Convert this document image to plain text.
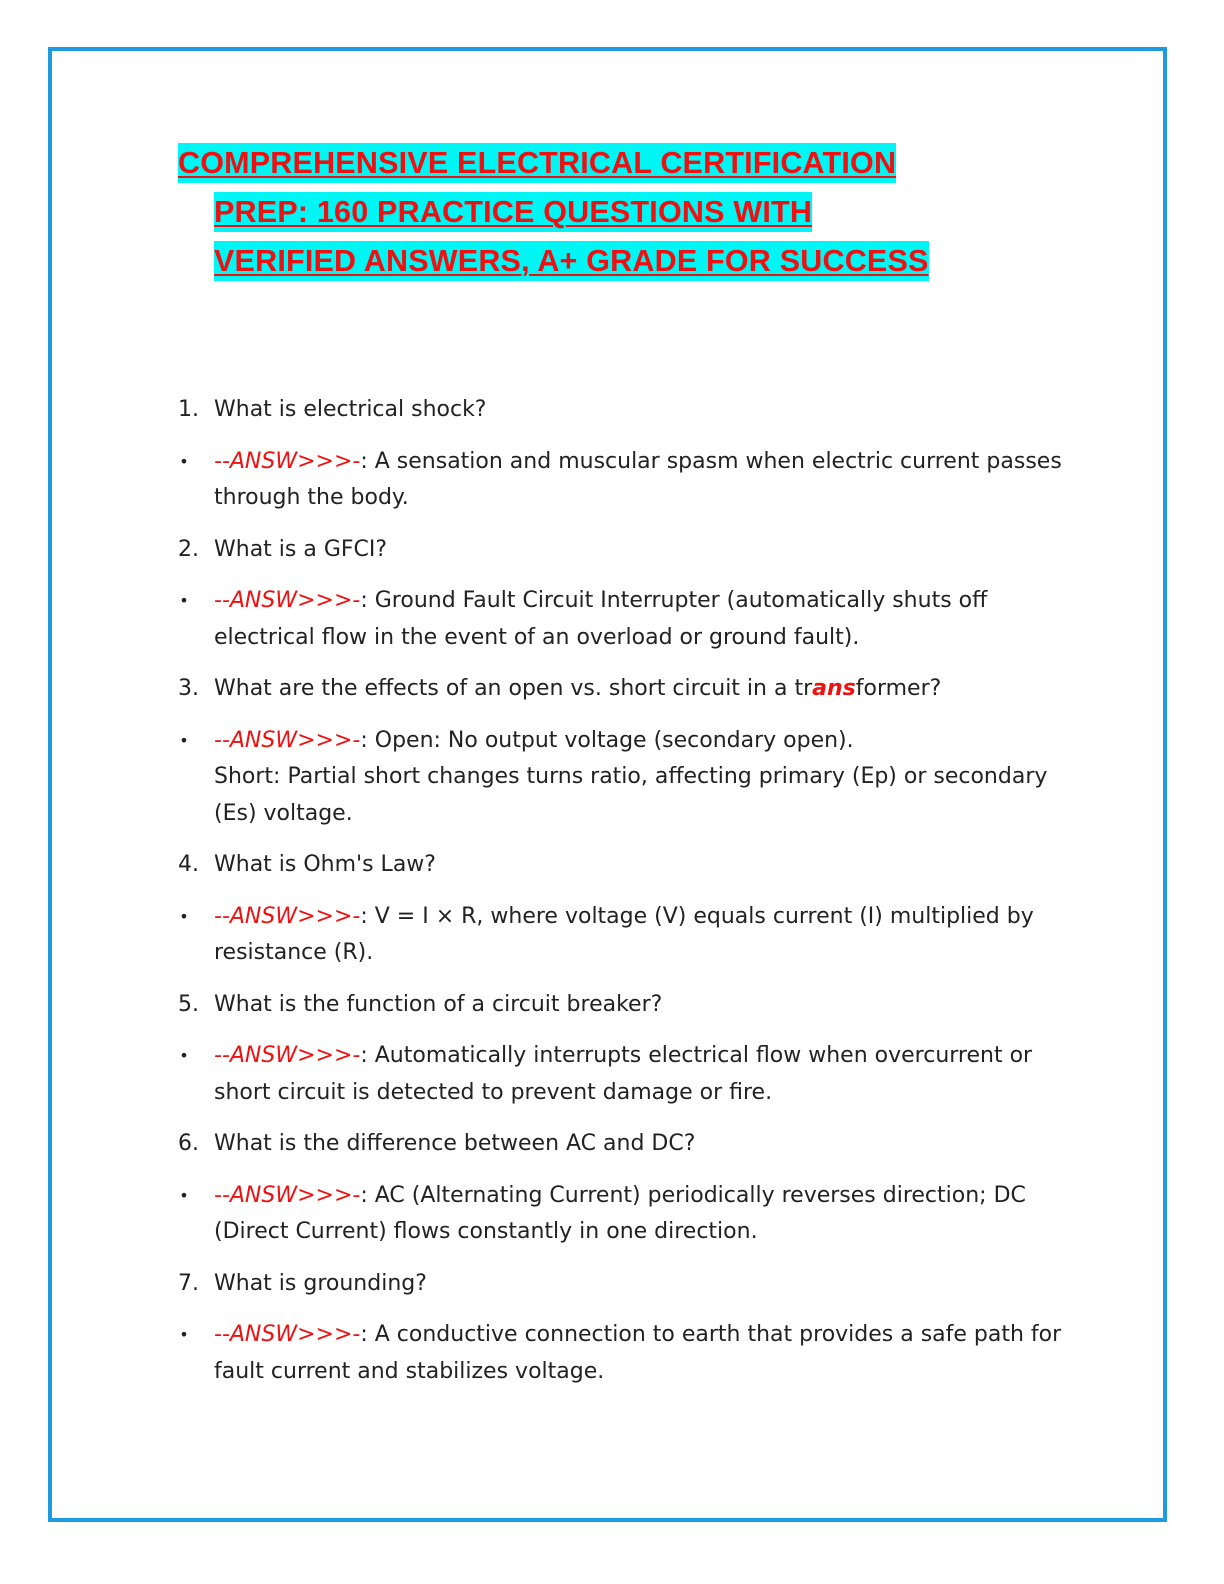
COMPREHENSIVE ELECTRICAL CERTIFICATION
PREP: 160 PRACTICE QUESTIONS WITH
VERIFIED ANSWERS, A+ GRADE FOR SUCCESS
1. What is electrical shock?
• --ANSW>>>-: A sensation and muscular spasm when electric current passes through the body.
2. What is a GFCI?
• --ANSW>>>-: Ground Fault Circuit Interrupter (automatically shuts off electrical flow in the event of an overload or ground fault).
3. What are the effects of an open vs. short circuit in a transformer?
• --ANSW>>>-: Open: No output voltage (secondary open).
Short: Partial short changes turns ratio, affecting primary (Ep) or secondary (Es) voltage.
4. What is Ohm's Law?
• --ANSW>>>-: V = I × R, where voltage (V) equals current (I) multiplied by resistance (R).
5. What is the function of a circuit breaker?
• --ANSW>>>-: Automatically interrupts electrical flow when overcurrent or short circuit is detected to prevent damage or fire.
6. What is the difference between AC and DC?
• --ANSW>>>-: AC (Alternating Current) periodically reverses direction; DC (Direct Current) flows constantly in one direction.
7. What is grounding?
• --ANSW>>>-: A conductive connection to earth that provides a safe path for fault current and stabilizes voltage.
